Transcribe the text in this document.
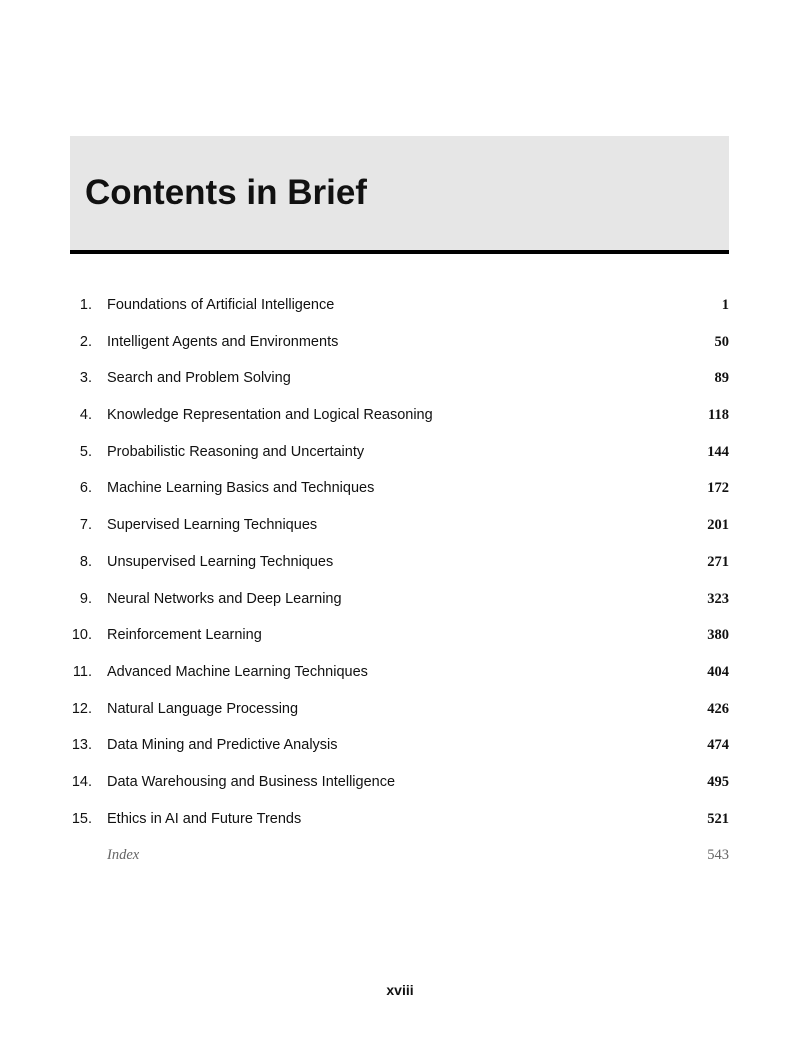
Contents in Brief
1. Foundations of Artificial Intelligence	1
2. Intelligent Agents and Environments	50
3. Search and Problem Solving	89
4. Knowledge Representation and Logical Reasoning	118
5. Probabilistic Reasoning and Uncertainty	144
6. Machine Learning Basics and Techniques	172
7. Supervised Learning Techniques	201
8. Unsupervised Learning Techniques	271
9. Neural Networks and Deep Learning	323
10. Reinforcement Learning	380
11. Advanced Machine Learning Techniques	404
12. Natural Language Processing	426
13. Data Mining and Predictive Analysis	474
14. Data Warehousing and Business Intelligence	495
15. Ethics in AI and Future Trends	521
Index	543
xviii
